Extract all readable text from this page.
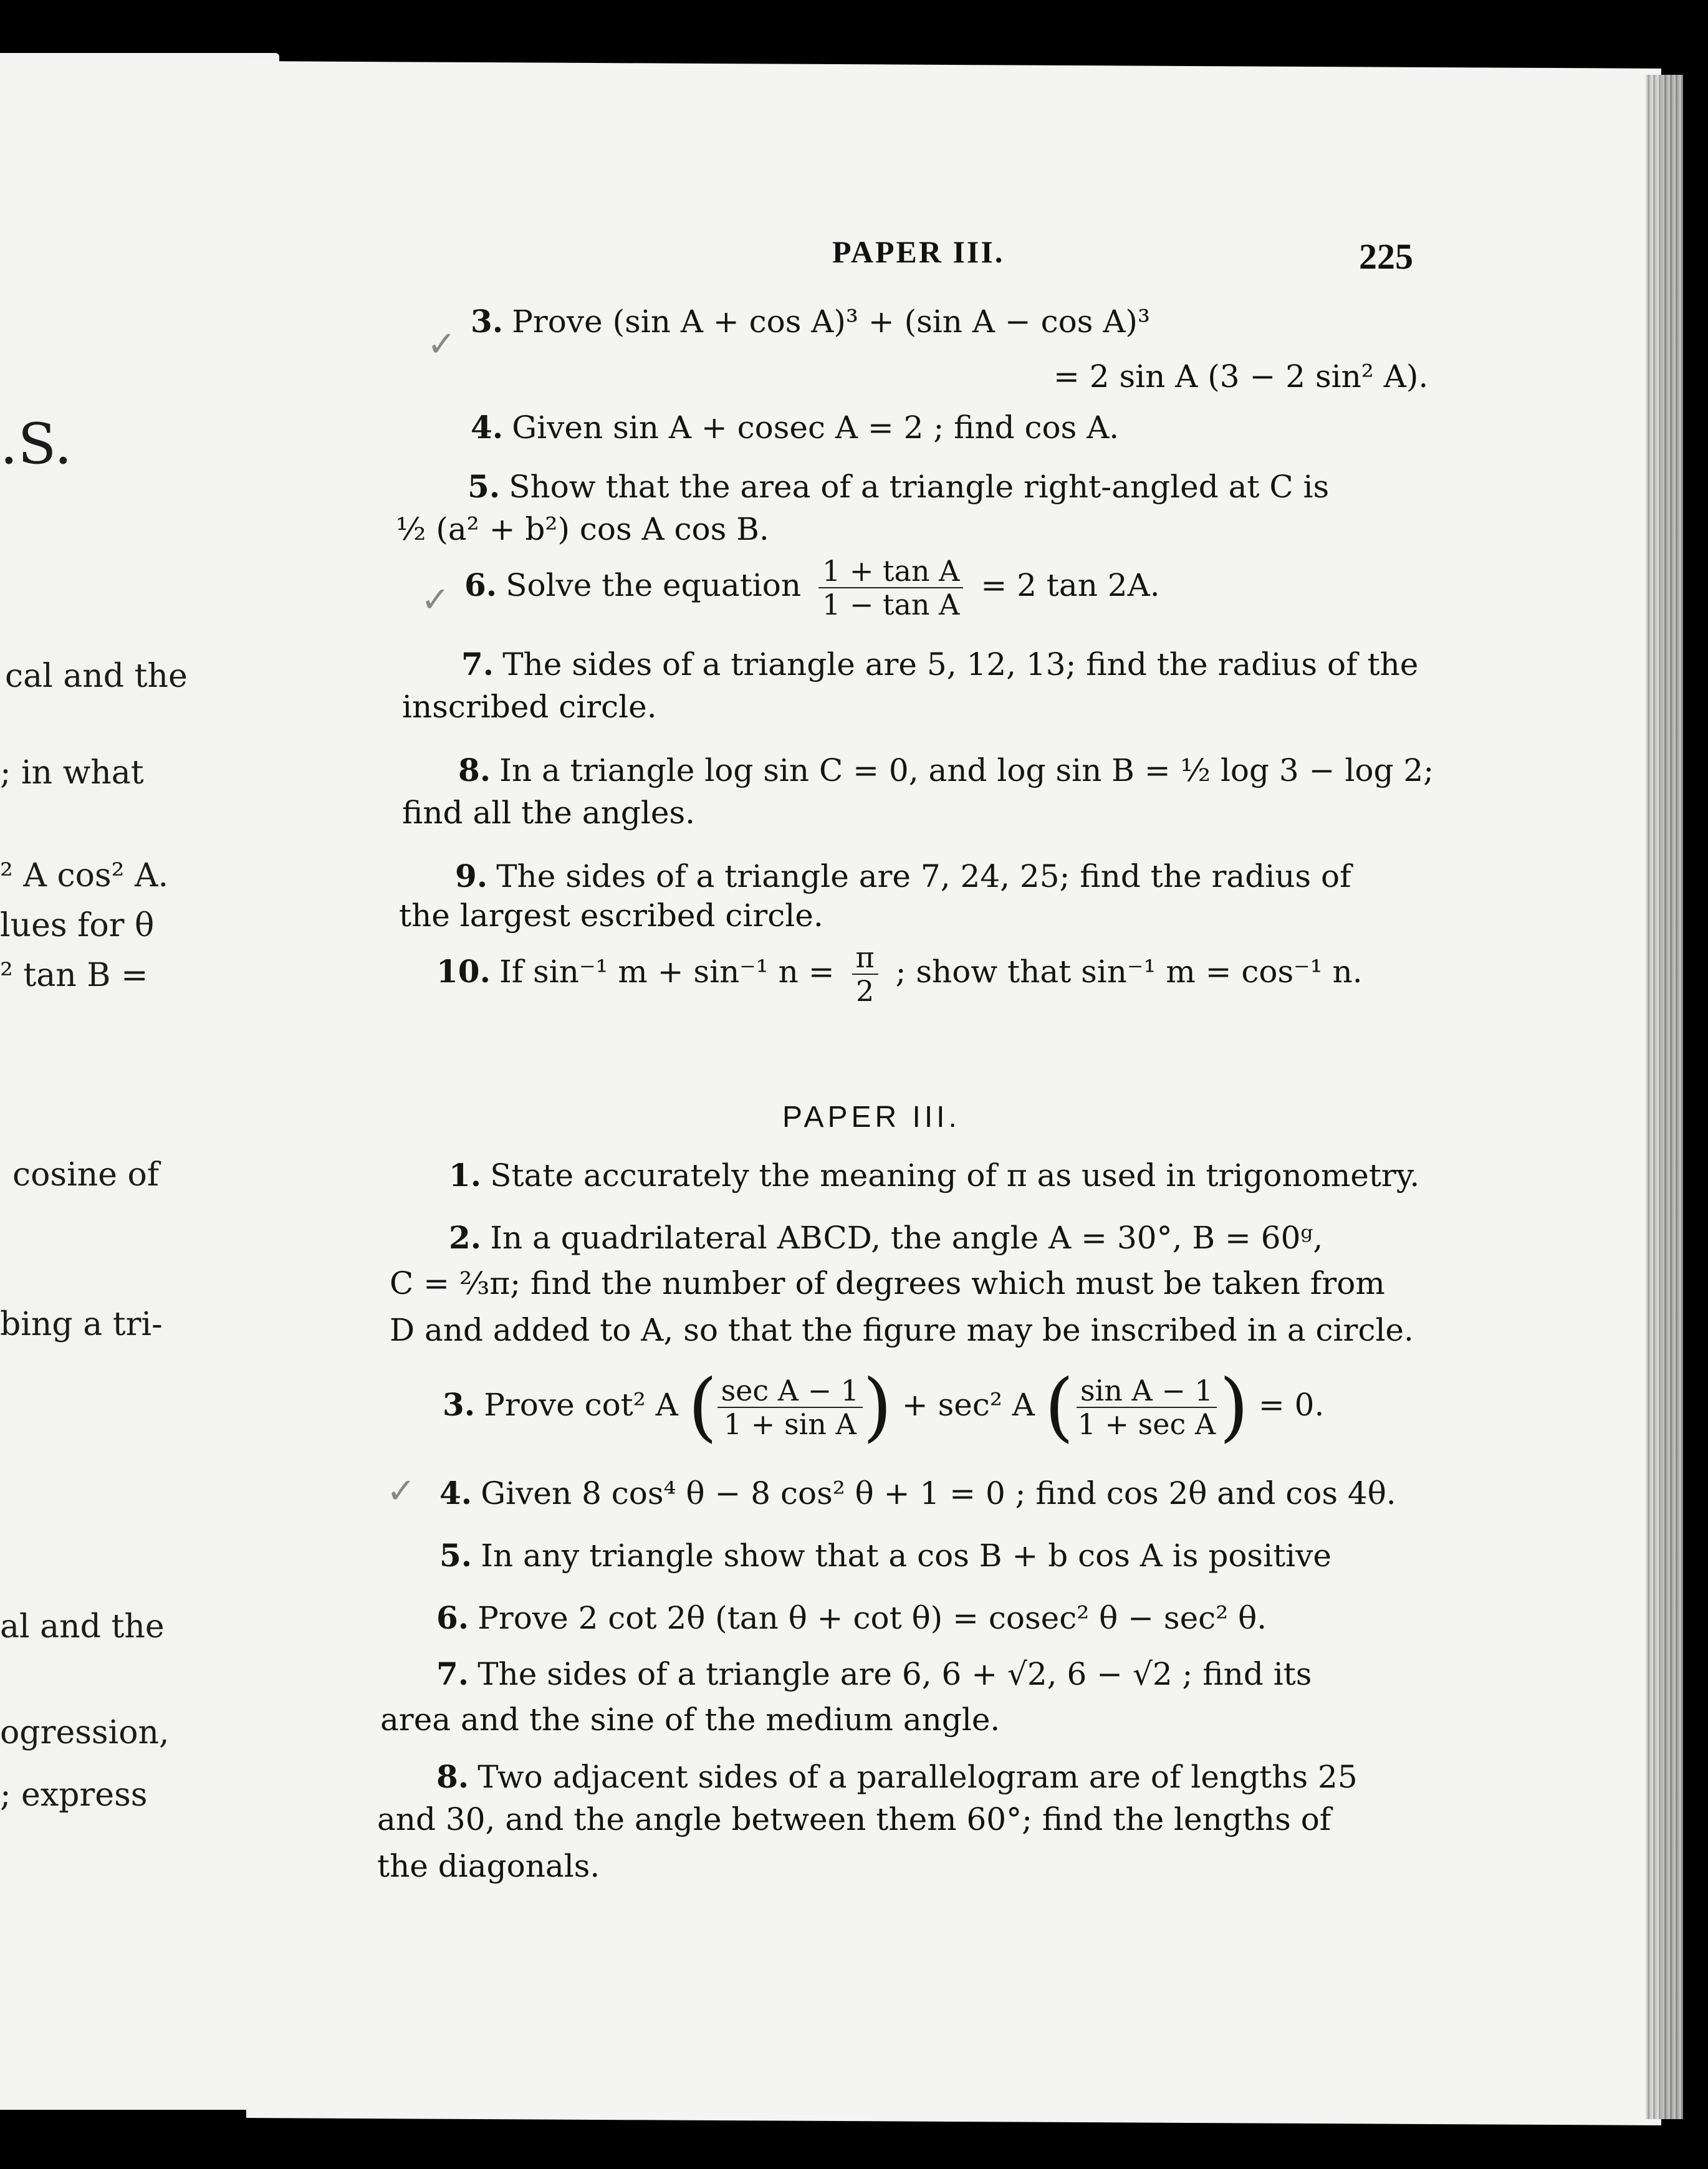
.S.
cal and the
; in what
² A cos² A.
lues for θ
² tan B =
cosine of
bing a tri-
al and the
ogression,
; express
PAPER III.	225
3. Prove (sin A + cos A)³ + (sin A − cos A)³
= 2 sin A (3 − 2 sin² A).
4. Given sin A + cosec A = 2 ; find cos A.
5. Show that the area of a triangle right-angled at C is
½ (a² + b²) cos A cos B.
6. Solve the equation $\frac{\text{1 + tan A}}{\text{1 − tan A}} = 2$ tan 2A.
7. The sides of a triangle are 5, 12, 13; find the radius of the
inscribed circle.
8. In a triangle log sin C = 0, and log sin B = ½ log 3 − log 2;
find all the angles.
9. The sides of a triangle are 7, 24, 25; find the radius of
the largest escribed circle.
10. If sin⁻¹ m + sin⁻¹ $n = \frac{\pi}{2}$ ; show that sin⁻¹ m = cos⁻¹ n.
PAPER III.
1. State accurately the meaning of π as used in trigonometry.
2. In a quadrilateral ABCD, the angle A = 30°, B = 60ᵍ,
C = ⅔π; find the number of degrees which must be taken from
D and added to A, so that the figure may be inscribed in a circle.
3. Prove cot² A ( $\frac{\text{sec A − 1}}{\text{1 + sin A}}$ ) + sec² A ( $\frac{\text{sin A − 1}}{\text{1 + sec A}}$ ) = 0.
4. Given 8 cos⁴ θ − 8 cos² θ + 1 = 0 ; find cos 2θ and cos 4θ.
5. In any triangle show that a cos B + b cos A is positive
6. Prove 2 cot 2θ (tan θ + cot θ) = cosec² θ − sec² θ.
7. The sides of a triangle are 6, 6 + √2, 6 − √2 ; find its
area and the sine of the medium angle.
8. Two adjacent sides of a parallelogram are of lengths 25
and 30, and the angle between them 60°; find the lengths of
the diagonals.
✓
✓
✓
